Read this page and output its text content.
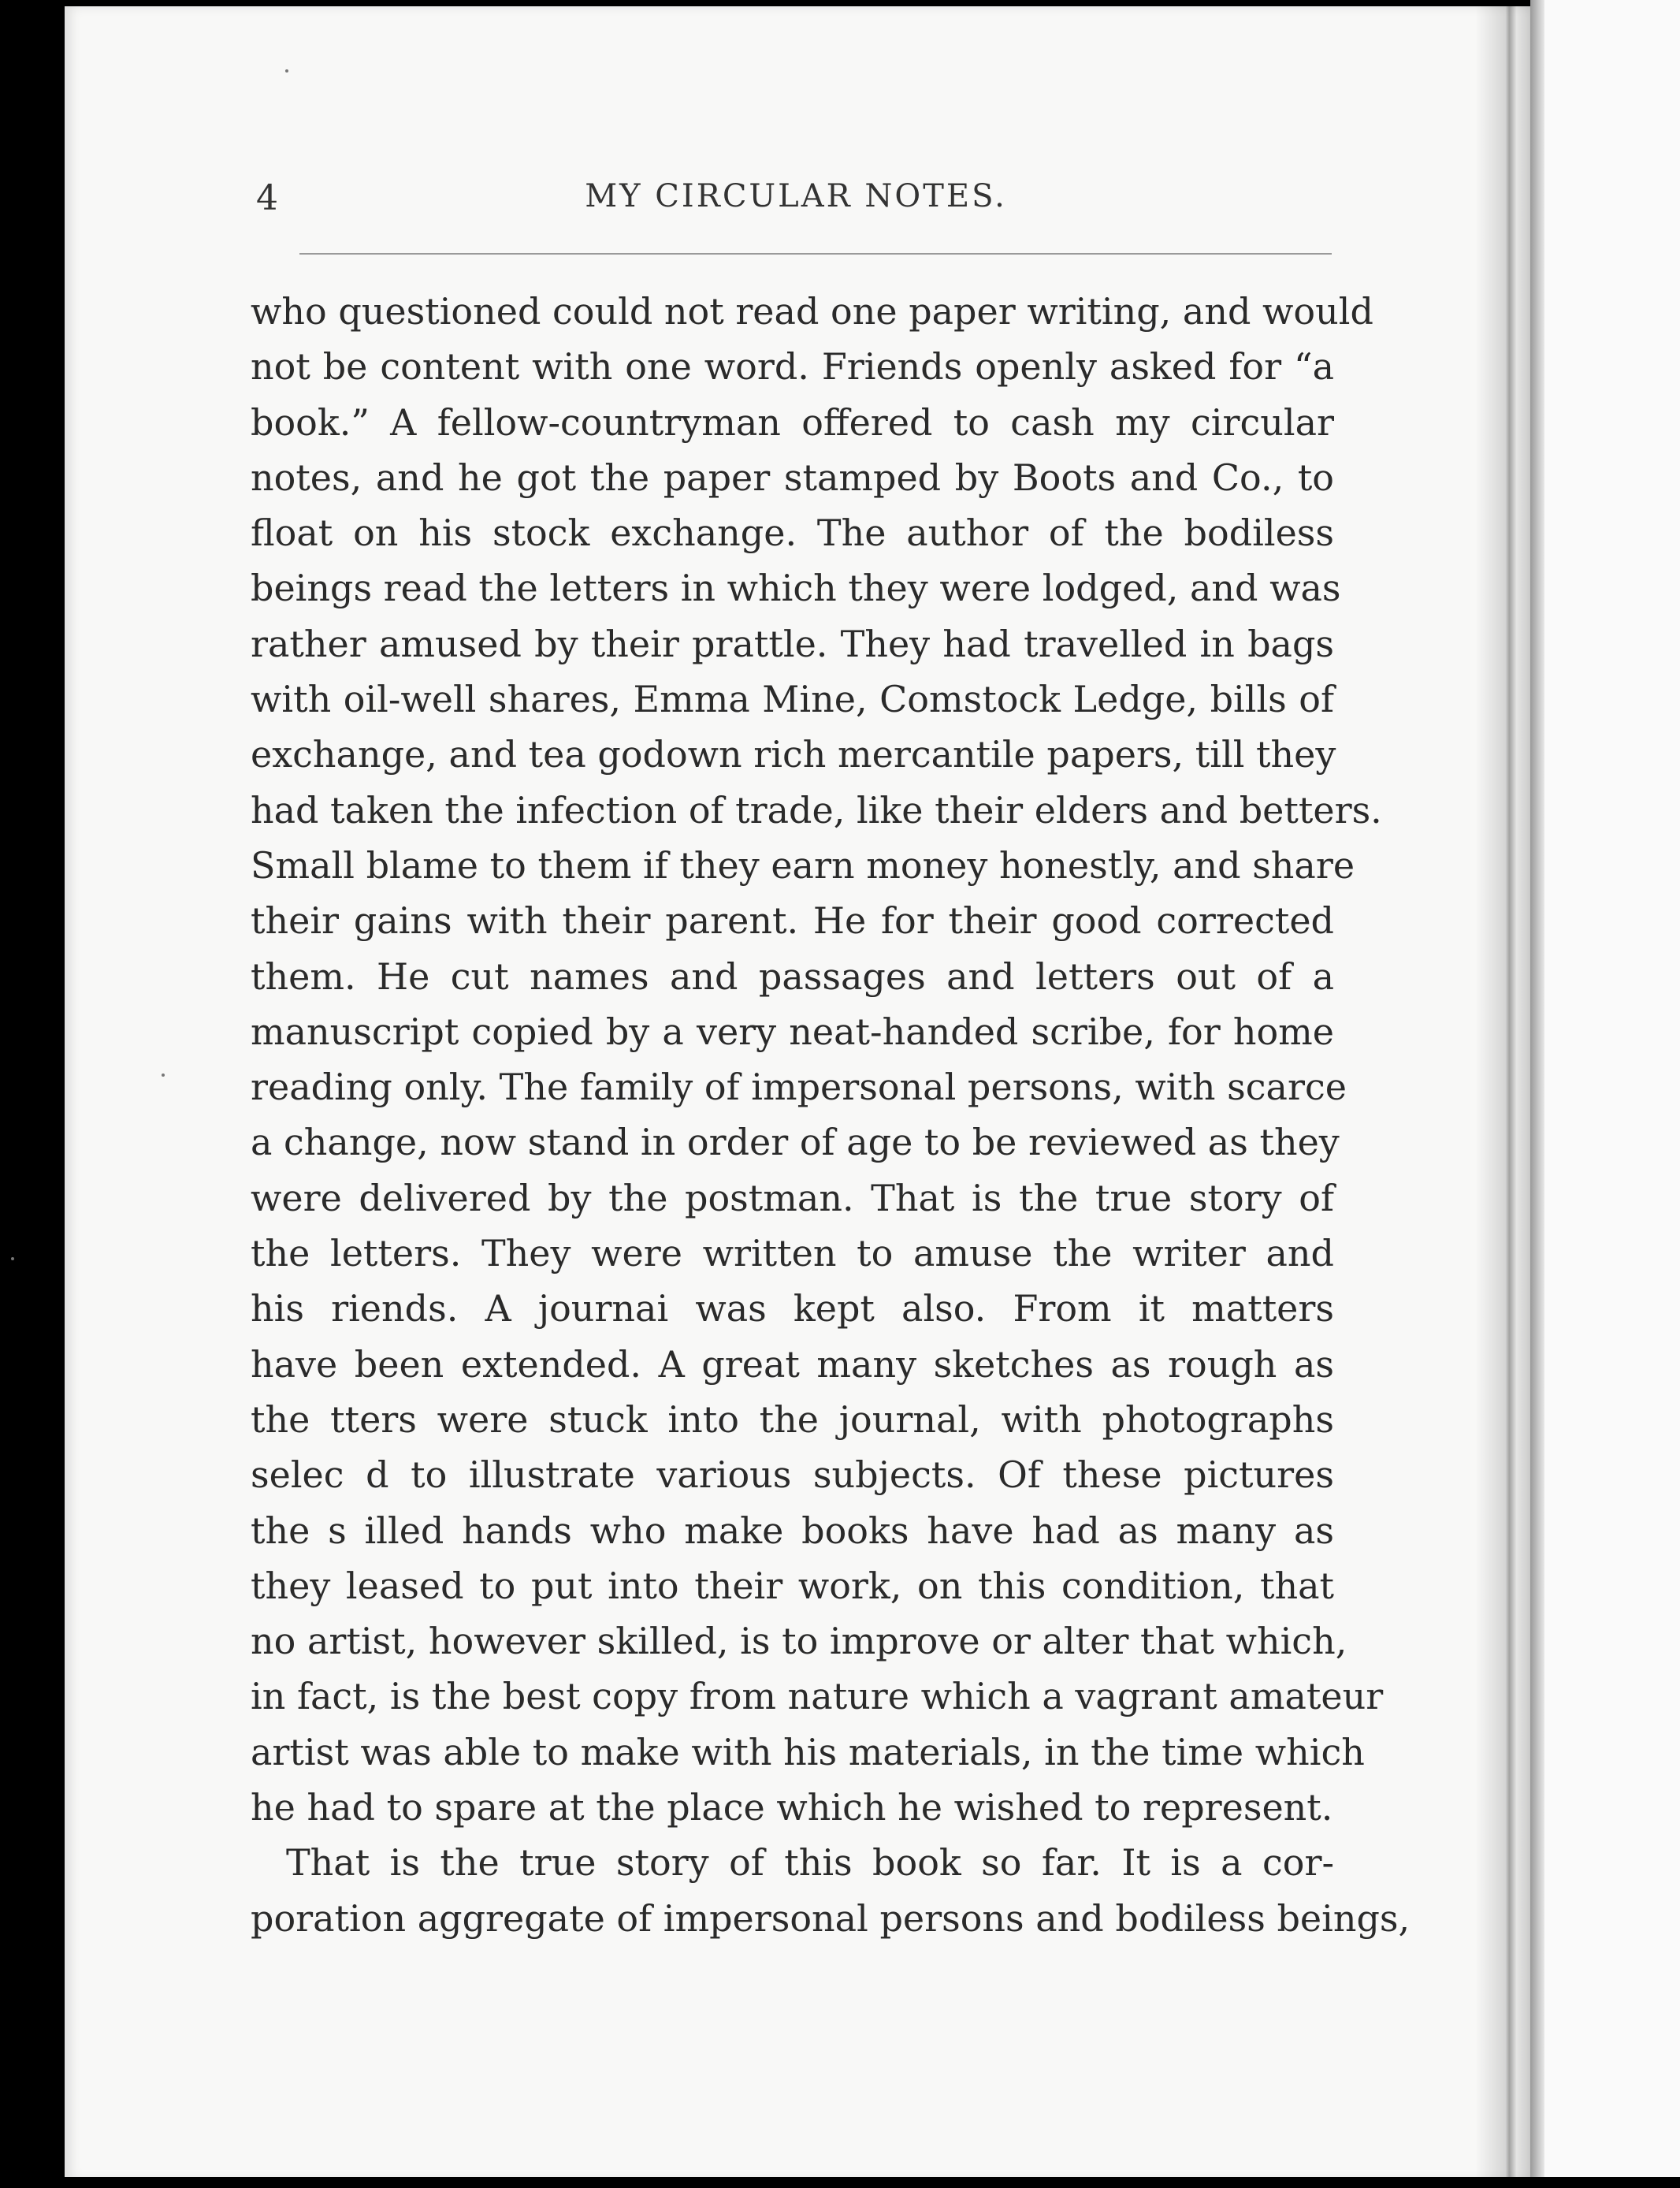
4	MY CIRCULAR NOTES.
who questioned could not read one paper writing, and would
not be content with one word. Friends openly asked for “a
book.” A fellow-countryman offered to cash my circular
notes, and he got the paper stamped by Boots and Co., to
float on his stock exchange. The author of the bodiless
beings read the letters in which they were lodged, and was
rather amused by their prattle. They had travelled in bags
with oil-well shares, Emma Mine, Comstock Ledge, bills of
exchange, and tea godown rich mercantile papers, till they
had taken the infection of trade, like their elders and betters.
Small blame to them if they earn money honestly, and share
their gains with their parent. He for their good corrected
them. He cut names and passages and letters out of a
manuscript copied by a very neat-handed scribe, for home
reading only. The family of impersonal persons, with scarce
a change, now stand in order of age to be reviewed as they
were delivered by the postman. That is the true story of
the letters. They were written to amuse the writer and
his riends. A journai was kept also. From it matters
have been extended. A great many sketches as rough as
the tters were stuck into the journal, with photographs
selec d to illustrate various subjects. Of these pictures
the s illed hands who make books have had as many as
they leased to put into their work, on this condition, that
no artist, however skilled, is to improve or alter that which,
in fact, is the best copy from nature which a vagrant amateur
artist was able to make with his materials, in the time which
he had to spare at the place which he wished to represent.
That is the true story of this book so far. It is a cor-
poration aggregate of impersonal persons and bodiless beings,
